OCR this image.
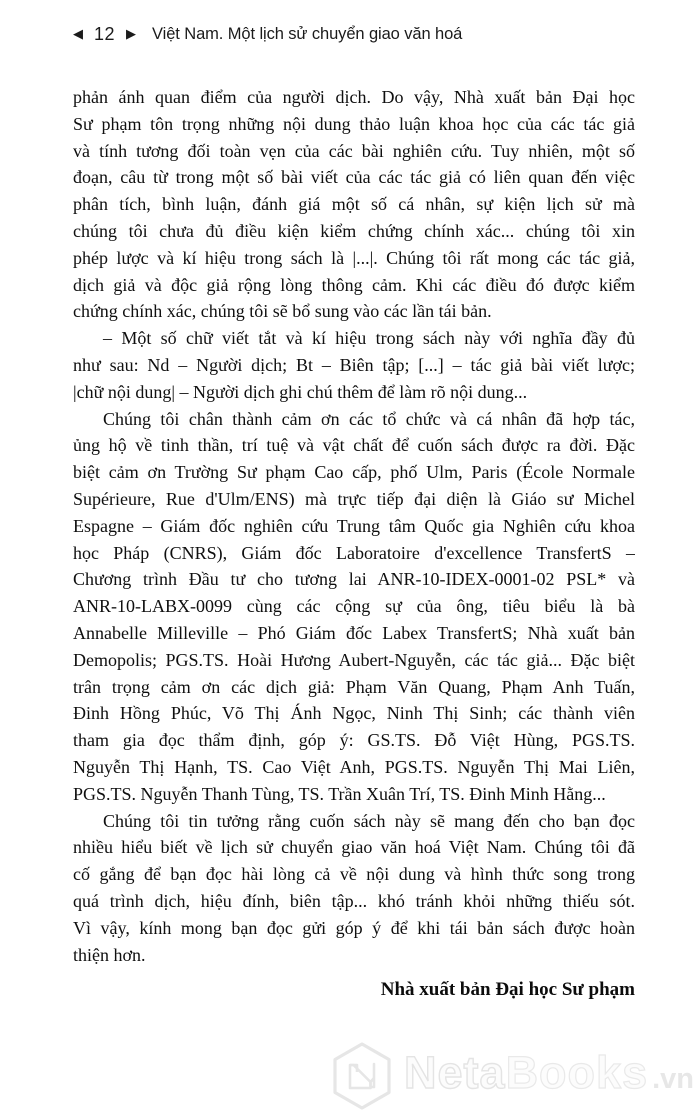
◀ 12 ▶ Việt Nam. Một lịch sử chuyển giao văn hoá
phản ánh quan điểm của người dịch. Do vậy, Nhà xuất bản Đại học
Sư phạm tôn trọng những nội dung thảo luận khoa học của các tác giả
và tính tương đối toàn vẹn của các bài nghiên cứu. Tuy nhiên, một số
đoạn, câu từ trong một số bài viết của các tác giả có liên quan đến việc
phân tích, bình luận, đánh giá một số cá nhân, sự kiện lịch sử mà
chúng tôi chưa đủ điều kiện kiểm chứng chính xác... chúng tôi xin
phép lược và kí hiệu trong sách là |...|. Chúng tôi rất mong các tác giả,
dịch giả và độc giả rộng lòng thông cảm. Khi các điều đó được kiểm
chứng chính xác, chúng tôi sẽ bổ sung vào các lần tái bản.
– Một số chữ viết tắt và kí hiệu trong sách này với nghĩa đầy đủ
như sau: Nd – Người dịch; Bt – Biên tập; [...] – tác giả bài viết lược;
|chữ nội dung| – Người dịch ghi chú thêm để làm rõ nội dung...
Chúng tôi chân thành cảm ơn các tổ chức và cá nhân đã hợp tác,
ủng hộ về tinh thần, trí tuệ và vật chất để cuốn sách được ra đời. Đặc
biệt cảm ơn Trường Sư phạm Cao cấp, phố Ulm, Paris (École Normale
Supérieure, Rue d'Ulm/ENS) mà trực tiếp đại diện là Giáo sư Michel
Espagne – Giám đốc nghiên cứu Trung tâm Quốc gia Nghiên cứu khoa
học Pháp (CNRS), Giám đốc Laboratoire d'excellence TransfertS –
Chương trình Đầu tư cho tương lai ANR-10-IDEX-0001-02 PSL* và
ANR-10-LABX-0099 cùng các cộng sự của ông, tiêu biểu là bà
Annabelle Milleville – Phó Giám đốc Labex TransfertS; Nhà xuất bản
Demopolis; PGS.TS. Hoài Hương Aubert-Nguyễn, các tác giả... Đặc biệt
trân trọng cảm ơn các dịch giả: Phạm Văn Quang, Phạm Anh Tuấn,
Đinh Hồng Phúc, Võ Thị Ánh Ngọc, Ninh Thị Sinh; các thành viên
tham gia đọc thẩm định, góp ý: GS.TS. Đỗ Việt Hùng, PGS.TS.
Nguyễn Thị Hạnh, TS. Cao Việt Anh, PGS.TS. Nguyễn Thị Mai Liên,
PGS.TS. Nguyễn Thanh Tùng, TS. Trần Xuân Trí, TS. Đinh Minh Hằng...
Chúng tôi tin tưởng rằng cuốn sách này sẽ mang đến cho bạn đọc
nhiều hiểu biết về lịch sử chuyển giao văn hoá Việt Nam. Chúng tôi đã
cố gắng để bạn đọc hài lòng cả về nội dung và hình thức song trong
quá trình dịch, hiệu đính, biên tập... khó tránh khỏi những thiếu sót.
Vì vậy, kính mong bạn đọc gửi góp ý để khi tái bản sách được hoàn
thiện hơn.
Nhà xuất bản Đại học Sư phạm
NetaBooks .vn
